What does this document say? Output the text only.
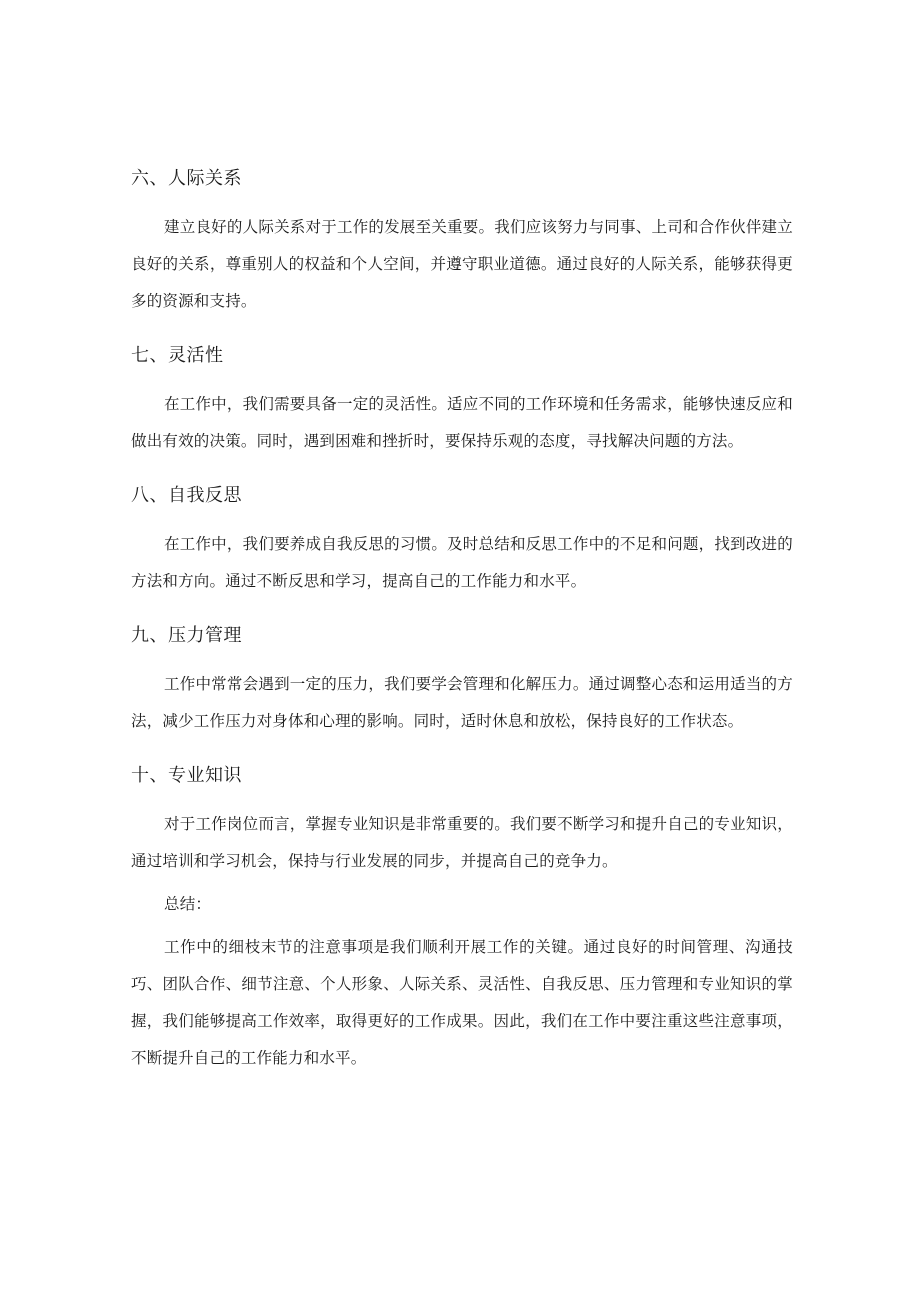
六、人际关系

建立良好的人际关系对于工作的发展至关重要。我们应该努力与同事、上司和合作伙伴建立良好的关系，尊重别人的权益和个人空间，并遵守职业道德。通过良好的人际关系，能够获得更多的资源和支持。

七、灵活性

在工作中，我们需要具备一定的灵活性。适应不同的工作环境和任务需求，能够快速反应和做出有效的决策。同时，遇到困难和挫折时，要保持乐观的态度，寻找解决问题的方法。

八、自我反思

在工作中，我们要养成自我反思的习惯。及时总结和反思工作中的不足和问题，找到改进的方法和方向。通过不断反思和学习，提高自己的工作能力和水平。

九、压力管理

工作中常常会遇到一定的压力，我们要学会管理和化解压力。通过调整心态和运用适当的方法，减少工作压力对身体和心理的影响。同时，适时休息和放松，保持良好的工作状态。

十、专业知识

对于工作岗位而言，掌握专业知识是非常重要的。我们要不断学习和提升自己的专业知识，通过培训和学习机会，保持与行业发展的同步，并提高自己的竞争力。

总结：

工作中的细枝末节的注意事项是我们顺利开展工作的关键。通过良好的时间管理、沟通技巧、团队合作、细节注意、个人形象、人际关系、灵活性、自我反思、压力管理和专业知识的掌握，我们能够提高工作效率，取得更好的工作成果。因此，我们在工作中要注重这些注意事项，不断提升自己的工作能力和水平。
